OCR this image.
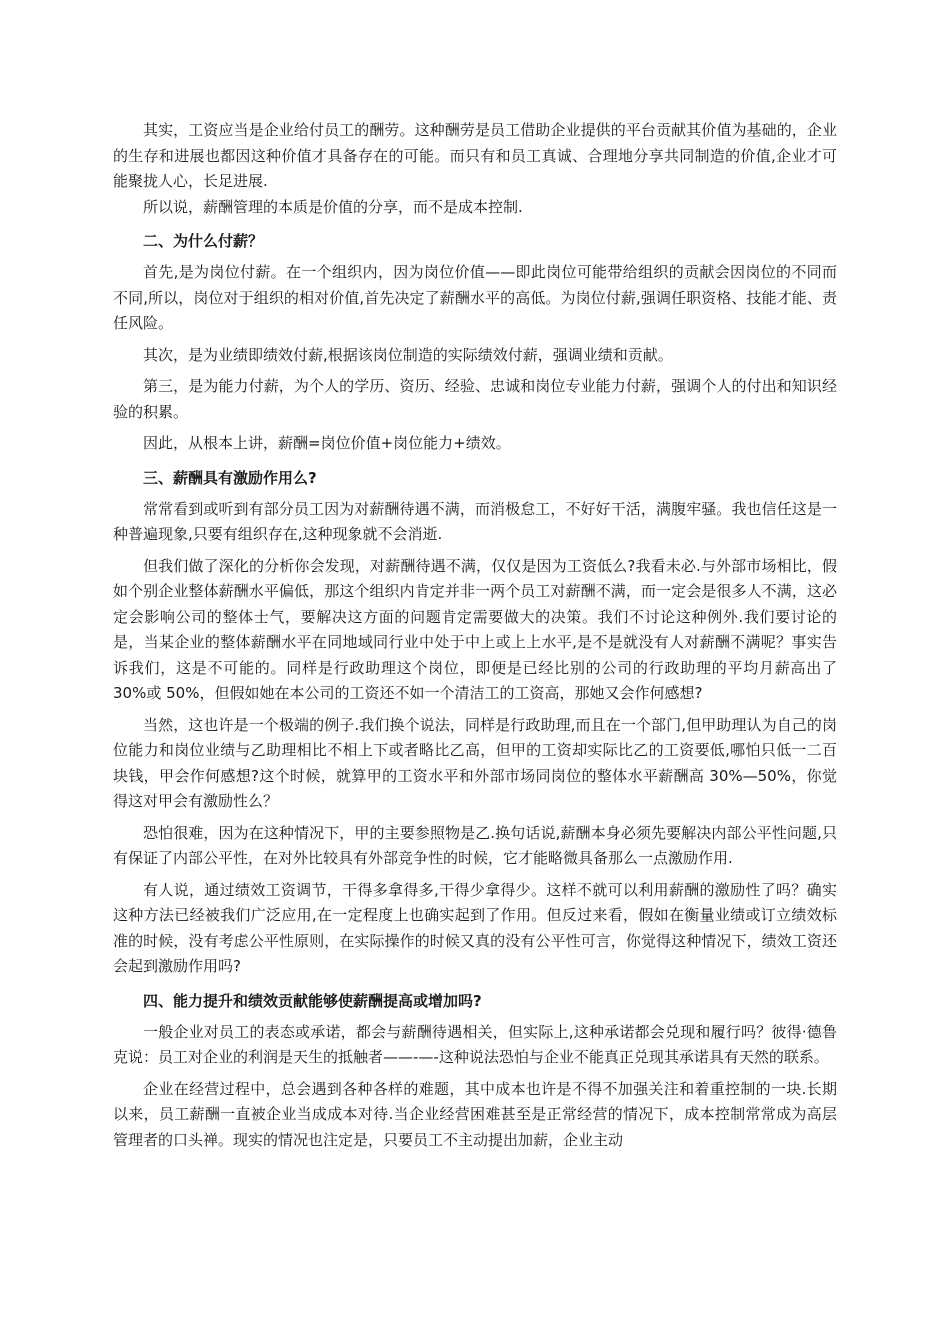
其实，工资应当是企业给付员工的酬劳。这种酬劳是员工借助企业提供的平台贡献其价值为基础的，企业的生存和进展也都因这种价值才具备存在的可能。而只有和员工真诚、合理地分享共同制造的价值,企业才可能聚拢人心，长足进展.

所以说，薪酬管理的本质是价值的分享，而不是成本控制.

二、为什么付薪？

首先,是为岗位付薪。在一个组织内，因为岗位价值——即此岗位可能带给组织的贡献会因岗位的不同而不同,所以，岗位对于组织的相对价值,首先决定了薪酬水平的高低。为岗位付薪,强调任职资格、技能才能、责任风险。

其次，是为业绩即绩效付薪,根据该岗位制造的实际绩效付薪，强调业绩和贡献。

第三，是为能力付薪，为个人的学历、资历、经验、忠诚和岗位专业能力付薪，强调个人的付出和知识经验的积累。

因此，从根本上讲，薪酬=岗位价值+岗位能力+绩效。

三、薪酬具有激励作用么?

常常看到或听到有部分员工因为对薪酬待遇不满，而消极怠工，不好好干活，满腹牢骚。我也信任这是一种普遍现象,只要有组织存在,这种现象就不会消逝.

但我们做了深化的分析你会发现，对薪酬待遇不满，仅仅是因为工资低么?我看未必.与外部市场相比，假如个别企业整体薪酬水平偏低，那这个组织内肯定并非一两个员工对薪酬不满，而一定会是很多人不满，这必定会影响公司的整体士气，要解决这方面的问题肯定需要做大的决策。我们不讨论这种例外.我们要讨论的是，当某企业的整体薪酬水平在同地域同行业中处于中上或上上水平,是不是就没有人对薪酬不满呢？事实告诉我们，这是不可能的。同样是行政助理这个岗位，即便是已经比别的公司的行政助理的平均月薪高出了 30%或 50%，但假如她在本公司的工资还不如一个清洁工的工资高，那她又会作何感想?

当然，这也许是一个极端的例子.我们换个说法，同样是行政助理,而且在一个部门,但甲助理认为自己的岗位能力和岗位业绩与乙助理相比不相上下或者略比乙高，但甲的工资却实际比乙的工资要低,哪怕只低一二百块钱，甲会作何感想?这个时候，就算甲的工资水平和外部市场同岗位的整体水平薪酬高 30%—50%，你觉得这对甲会有激励性么？

恐怕很难，因为在这种情况下，甲的主要参照物是乙.换句话说,薪酬本身必须先要解决内部公平性问题,只有保证了内部公平性，在对外比较具有外部竞争性的时候，它才能略微具备那么一点激励作用.

有人说，通过绩效工资调节，干得多拿得多,干得少拿得少。这样不就可以利用薪酬的激励性了吗？确实这种方法已经被我们广泛应用,在一定程度上也确实起到了作用。但反过来看，假如在衡量业绩或订立绩效标准的时候，没有考虑公平性原则，在实际操作的时候又真的没有公平性可言，你觉得这种情况下，绩效工资还会起到激励作用吗?

四、能力提升和绩效贡献能够使薪酬提高或增加吗?

一般企业对员工的表态或承诺，都会与薪酬待遇相关，但实际上,这种承诺都会兑现和履行吗？彼得·德鲁克说：员工对企业的利润是天生的抵触者——-—-这种说法恐怕与企业不能真正兑现其承诺具有天然的联系。

企业在经营过程中，总会遇到各种各样的难题，其中成本也许是不得不加强关注和着重控制的一块.长期以来，员工薪酬一直被企业当成成本对待.当企业经营困难甚至是正常经营的情况下，成本控制常常成为高层管理者的口头禅。现实的情况也注定是，只要员工不主动提出加薪，企业主动
